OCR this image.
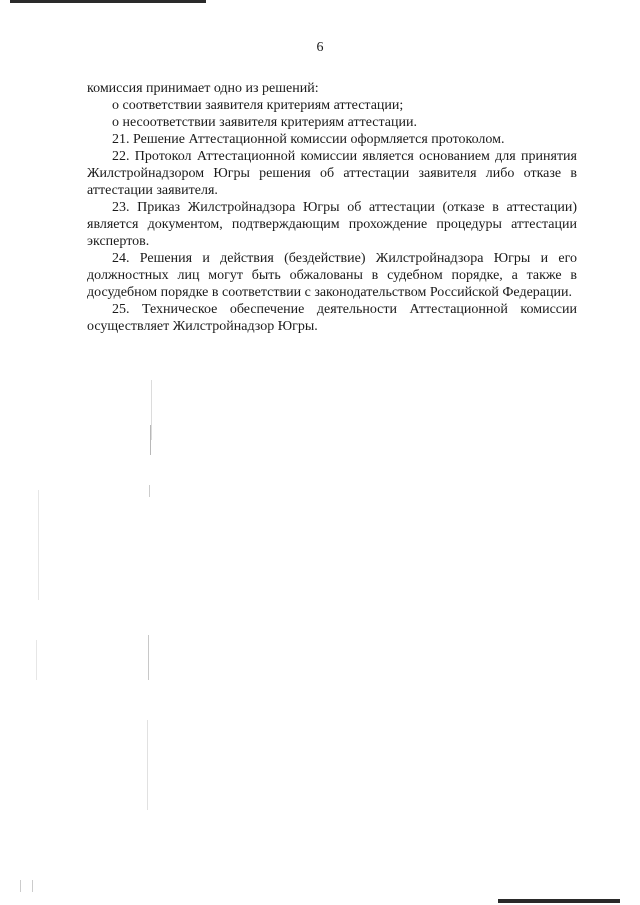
6

комиссия принимает одно из решений:

о соответствии заявителя критериям аттестации;

о несоответствии заявителя критериям аттестации.

21. Решение Аттестационной комиссии оформляется протоколом.

22. Протокол Аттестационной комиссии является основанием для принятия Жилстройнадзором Югры решения об аттестации заявителя либо отказе в аттестации заявителя.

23. Приказ Жилстройнадзора Югры об аттестации (отказе в аттестации) является документом, подтверждающим прохождение процедуры аттестации экспертов.

24. Решения и действия (бездействие) Жилстройнадзора Югры и его должностных лиц могут быть обжалованы в судебном порядке, а также в досудебном порядке в соответствии с законодательством Российской Федерации.

25. Техническое обеспечение деятельности Аттестационной комиссии осуществляет Жилстройнадзор Югры.
